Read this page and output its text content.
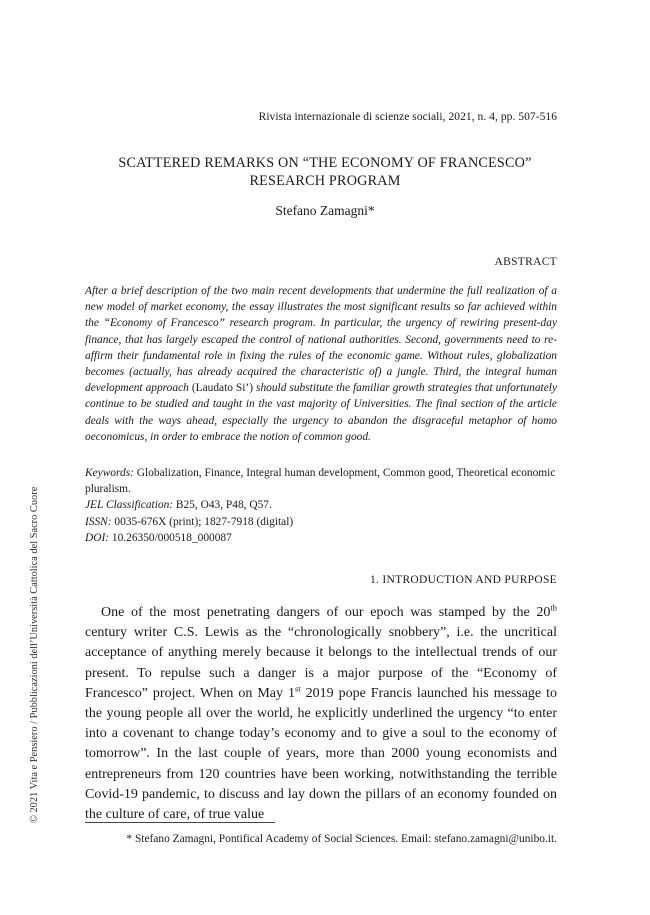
© 2021 Vita e Pensiero / Pubblicazioni dell’Università Cattolica del Sacro Cuore
Rivista internazionale di scienze sociali, 2021, n. 4, pp. 507-516
SCATTERED REMARKS ON “THE ECONOMY OF FRANCESCO”
RESEARCH PROGRAM
Stefano Zamagni*
ABSTRACT

After a brief description of the two main recent developments that undermine the full realization of a new model of market economy, the essay illustrates the most significant results so far achieved within the “Economy of Francesco” research program. In particular, the urgency of rewiring present-day finance, that has largely escaped the control of national authorities. Second, governments need to re-affirm their fundamental role in fixing the rules of the economic game. Without rules, globalization becomes (actually, has already acquired the characteristic of) a jungle. Third, the integral human development approach (Laudato Si’) should substitute the familiar growth strategies that unfortunately continue to be studied and taught in the vast majority of Universities. The final section of the article deals with the ways ahead, especially the urgency to abandon the disgraceful metaphor of homo oeconomicus, in order to embrace the notion of common good.

Keywords: Globalization, Finance, Integral human development, Common good, Theoretical economic pluralism.
JEL Classification: B25, O43, P48, Q57.
ISSN: 0035-676X (print); 1827-7918 (digital)
DOI: 10.26350/000518_000087
1. INTRODUCTION AND PURPOSE

One of the most penetrating dangers of our epoch was stamped by the 20th century writer C.S. Lewis as the “chronologically snobbery”, i.e. the uncritical acceptance of anything merely because it belongs to the intellectual trends of our present. To repulse such a danger is a major purpose of the “Economy of Francesco” project. When on May 1st 2019 pope Francis launched his message to the young people all over the world, he explicitly underlined the urgency “to enter into a covenant to change today’s economy and to give a soul to the economy of tomorrow”. In the last couple of years, more than 2000 young economists and entrepreneurs from 120 countries have been working, notwithstanding the terrible Covid-19 pandemic, to discuss and lay down the pillars of an economy founded on the culture of care, of true value

* Stefano Zamagni, Pontifical Academy of Social Sciences. Email: stefano.zamagni@unibo.it.
